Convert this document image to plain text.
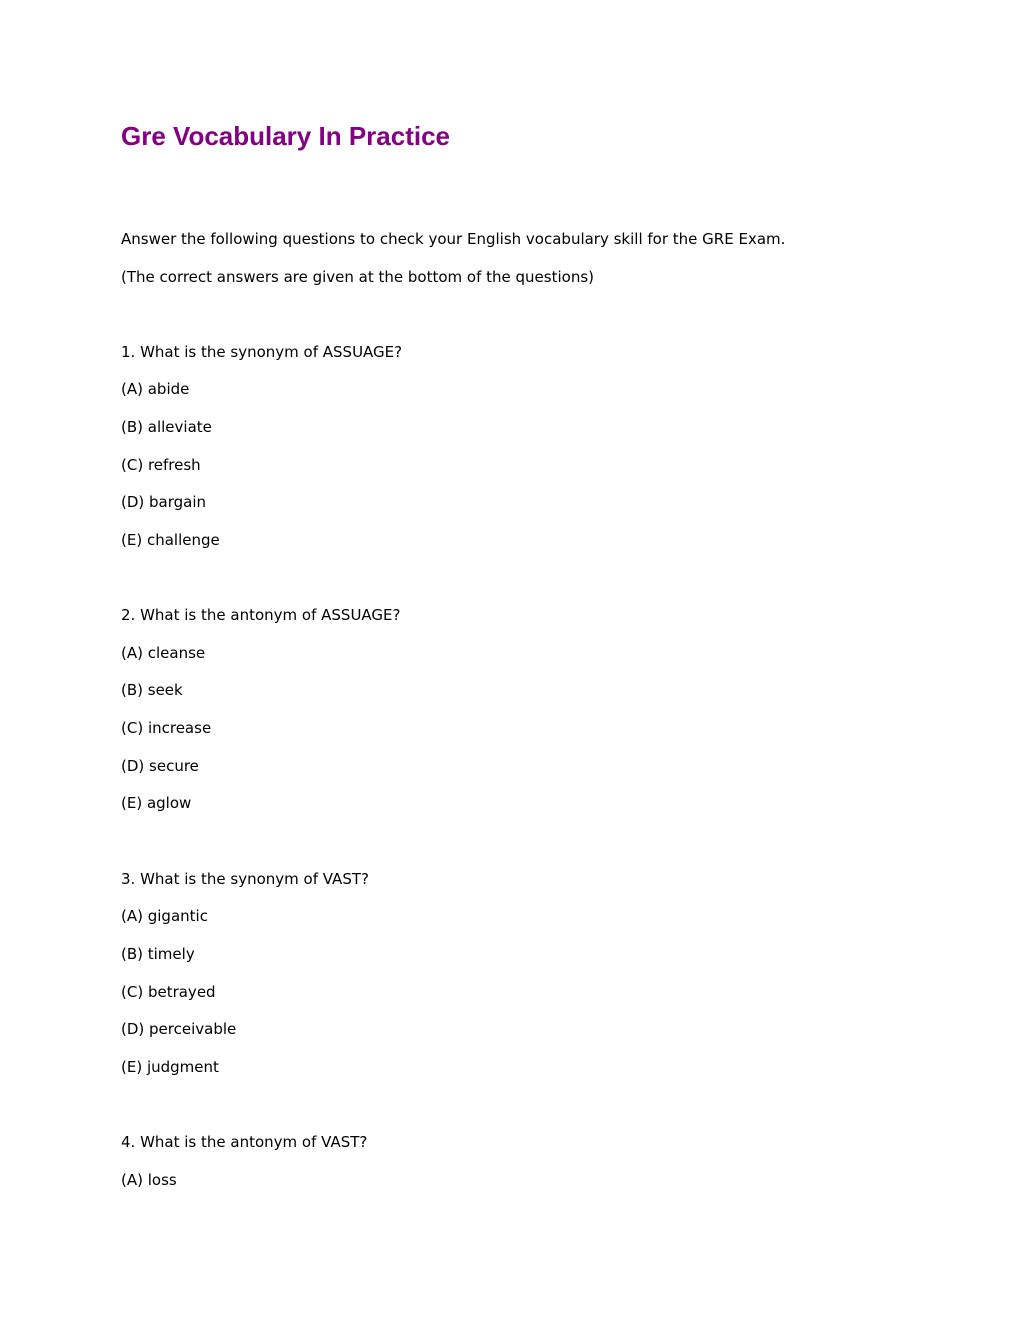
Gre Vocabulary In Practice

Answer the following questions to check your English vocabulary skill for the GRE Exam.

(The correct answers are given at the bottom of the questions)

1. What is the synonym of ASSUAGE?

(A) abide

(B) alleviate

(C) refresh

(D) bargain

(E) challenge

2. What is the antonym of ASSUAGE?

(A) cleanse

(B) seek

(C) increase

(D) secure

(E) aglow

3. What is the synonym of VAST?

(A) gigantic

(B) timely

(C) betrayed

(D) perceivable

(E) judgment

4. What is the antonym of VAST?

(A) loss
